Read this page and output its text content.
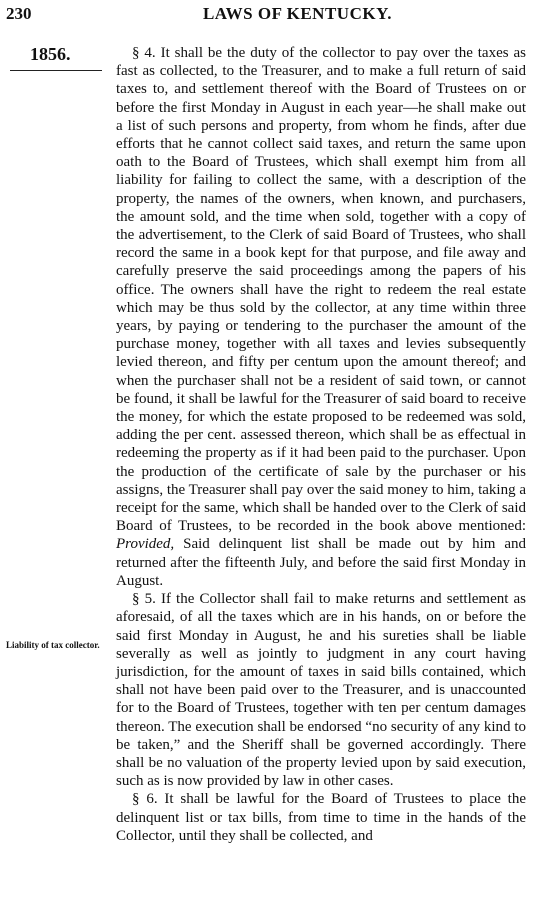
230	LAWS OF KENTUCKY.
1856.
Liability of tax collector.

§ 4. It shall be the duty of the collector to pay over the taxes as fast as collected, to the Treasurer, and to make a full return of said taxes to, and settlement thereof with the Board of Trustees on or before the first Monday in August in each year—he shall make out a list of such persons and property, from whom he finds, after due efforts that he cannot collect said taxes, and return the same upon oath to the Board of Trustees, which shall exempt him from all liability for failing to collect the same, with a description of the property, the names of the owners, when known, and purchasers, the amount sold, and the time when sold, together with a copy of the advertisement, to the Clerk of said Board of Trustees, who shall record the same in a book kept for that purpose, and file away and carefully preserve the said proceedings among the papers of his office. The owners shall have the right to redeem the real estate which may be thus sold by the collector, at any time within three years, by paying or tendering to the purchaser the amount of the purchase money, together with all taxes and levies subsequently levied thereon, and fifty per centum upon the amount thereof; and when the purchaser shall not be a resident of said town, or cannot be found, it shall be lawful for the Treasurer of said board to receive the money, for which the estate proposed to be redeemed was sold, adding the per cent. assessed thereon, which shall be as effectual in redeeming the property as if it had been paid to the purchaser. Upon the production of the certificate of sale by the purchaser or his assigns, the Treasurer shall pay over the said money to him, taking a receipt for the same, which shall be handed over to the Clerk of said Board of Trustees, to be recorded in the book above mentioned: Provided, Said delinquent list shall be made out by him and returned after the fifteenth July, and before the said first Monday in August.

§ 5. If the Collector shall fail to make returns and settlement as aforesaid, of all the taxes which are in his hands, on or before the said first Monday in August, he and his sureties shall be liable severally as well as jointly to judgment in any court having jurisdiction, for the amount of taxes in said bills contained, which shall not have been paid over to the Treasurer, and is unaccounted for to the Board of Trustees, together with ten per centum damages thereon. The execution shall be endorsed “no security of any kind to be taken,” and the Sheriff shall be governed accordingly. There shall be no valuation of the property levied upon by said execution, such as is now provided by law in other cases.

§ 6. It shall be lawful for the Board of Trustees to place the delinquent list or tax bills, from time to time in the hands of the Collector, until they shall be collected, and
